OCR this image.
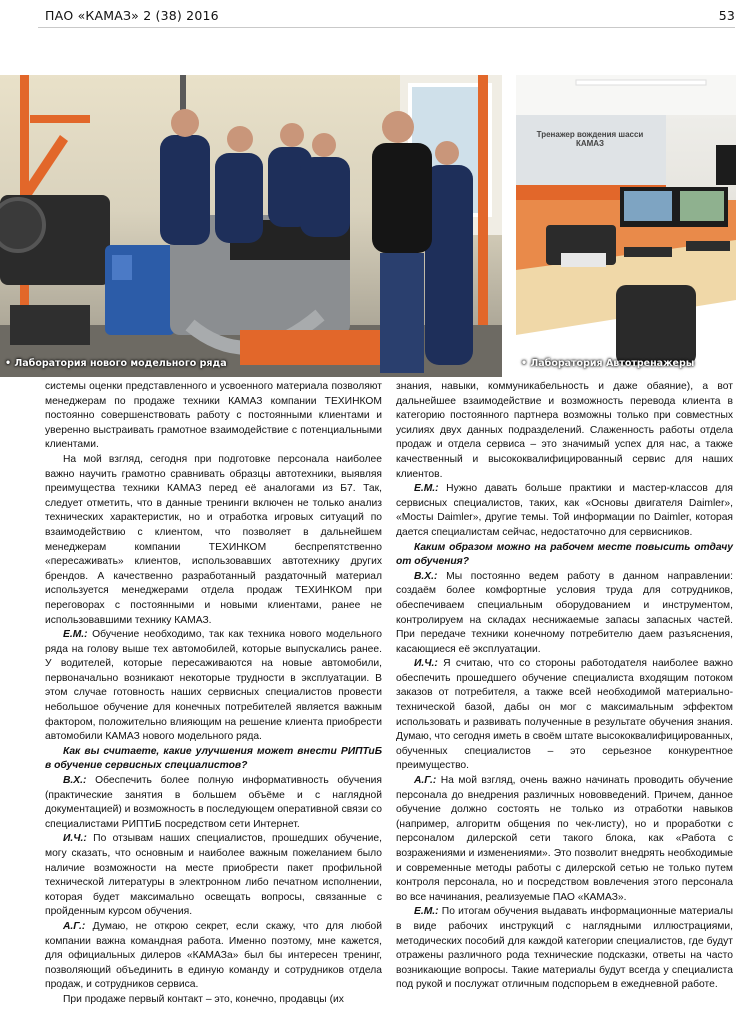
ПАО «КАМАЗ» 2 (38) 2016	53
• Лаборатория нового модельного ряда
Тренажер вождения шасси КАМАЗ
• Лаборатория Автотренажеры

системы оценки представленного и усвоенного материала позволяют менеджерам по продаже техники КАМАЗ компании ТЕХИНКОМ постоянно совершенствовать работу с постоянными клиентами и уверенно выстраивать грамотное взаимодействие с потенциальными клиентами.

На мой взгляд, сегодня при подготовке персонала наиболее важно научить грамотно сравнивать образцы автотехники, выявляя преимущества техники КАМАЗ перед её аналогами из Б7. Так, следует отметить, что в данные тренинги включен не только анализ технических характеристик, но и отработка игровых ситуаций по взаимодействию с клиентом, что позволяет в дальнейшем менеджерам компании ТЕХИНКОМ беспрепятственно «пересаживать» клиентов, использовавших автотехнику других брендов. А качественно разработанный раздаточный материал используется менеджерами отдела продаж ТЕХИНКОМ при переговорах с постоянными и новыми клиентами, ранее не использовавшими технику КАМАЗ.

Е.М.: Обучение необходимо, так как техника нового модельного ряда на голову выше тех автомобилей, которые выпускались ранее. У водителей, которые пересаживаются на новые автомобили, первоначально возникают некоторые трудности в эксплуатации. В этом случае готовность наших сервисных специалистов провести небольшое обучение для конечных потребителей является важным фактором, положительно влияющим на решение клиента приобрести автомобили КАМАЗ нового модельного ряда.

Как вы считаете, какие улучшения может внести РИПТиБ в обучение сервисных специалистов?

В.Х.: Обеспечить более полную информативность обучения (практические занятия в большем объёме и с наглядной документацией) и возможность в последующем оперативной связи со специалистами РИПТиБ посредством сети Интернет.

И.Ч.: По отзывам наших специалистов, прошедших обучение, могу сказать, что основным и наиболее важным пожеланием было наличие возможности на месте приобрести пакет профильной технической литературы в электронном либо печатном исполнении, которая будет максимально освещать вопросы, связанные с пройденным курсом обучения.

А.Г.: Думаю, не открою секрет, если скажу, что для любой компании важна командная работа. Именно поэтому, мне кажется, для официальных дилеров «КАМАЗа» был бы интересен тренинг, позволяющий объединить в единую команду и сотрудников отдела продаж, и сотрудников сервиса.

При продаже первый контакт – это, конечно, продавцы (их

знания, навыки, коммуникабельность и даже обаяние), а вот дальнейшее взаимодействие и возможность перевода клиента в категорию постоянного партнера возможны только при совместных усилиях двух данных подразделений. Слаженность работы отдела продаж и отдела сервиса – это значимый успех для нас, а также качественный и высококвалифицированный сервис для наших клиентов.

Е.М.: Нужно давать больше практики и мастер-классов для сервисных специалистов, таких, как «Основы двигателя Daimler», «Мосты Daimler», другие темы. Той информации по Daimler, которая дается специалистам сейчас, недостаточно для сервисников.

Каким образом можно на рабочем месте повысить отдачу от обучения?

В.Х.: Мы постоянно ведем работу в данном направлении: создаём более комфортные условия труда для сотрудников, обеспечиваем специальным оборудованием и инструментом, контролируем на складах неснижаемые запасы запасных частей. При передаче техники конечному потребителю даем разъяснения, касающиеся её эксплуатации.

И.Ч.: Я считаю, что со стороны работодателя наиболее важно обеспечить прошедшего обучение специалиста входящим потоком заказов от потребителя, а также всей необходимой материально-технической базой, дабы он мог с максимальным эффектом использовать и развивать полученные в результате обучения знания. Думаю, что сегодня иметь в своём штате высококвалифицированных, обученных специалистов – это серьезное конкурентное преимущество.

А.Г.: На мой взгляд, очень важно начинать проводить обучение персонала до внедрения различных нововведений. Причем, данное обучение должно состоять не только из отработки навыков (например, алгоритм общения по чек-листу), но и проработки с персоналом дилерской сети такого блока, как «Работа с возражениями и изменениями». Это позволит внедрять необходимые и современные методы работы с дилерской сетью не только путем контроля персонала, но и посредством вовлечения этого персонала во все начинания, реализуемые ПАО «КАМАЗ».

Е.М.: По итогам обучения выдавать информационные материалы в виде рабочих инструкций с наглядными иллюстрациями, методических пособий для каждой категории специалистов, где будут отражены различного рода технические подсказки, ответы на часто возникающие вопросы. Такие материалы будут всегда у специалиста под рукой и послужат отличным подспорьем в ежедневной работе.
